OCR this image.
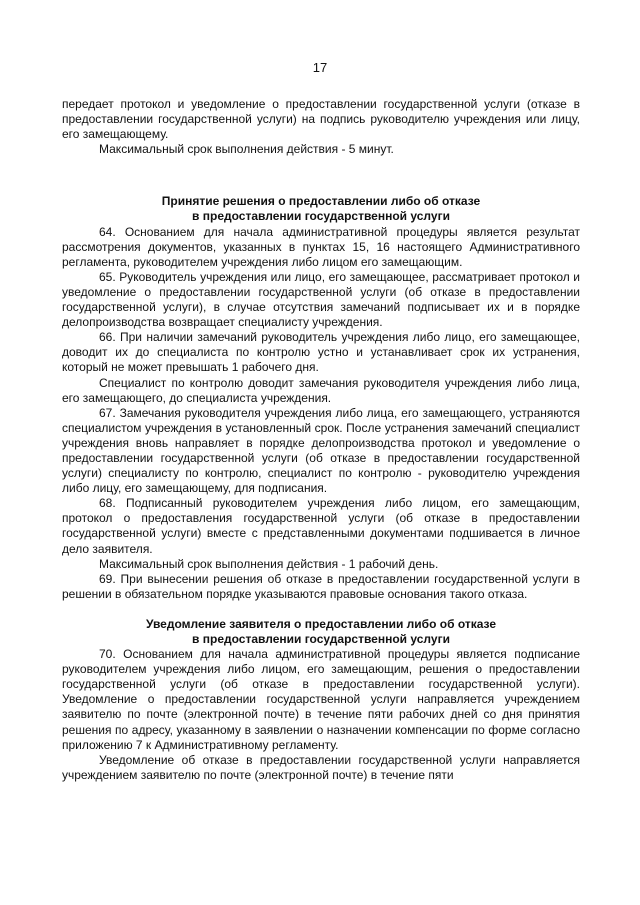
17

передает протокол и уведомление о предоставлении государственной услуги (отказе в предоставлении государственной услуги) на подпись руководителю учреждения или лицу, его замещающему.

Максимальный срок выполнения действия - 5 минут.

Принятие решения о предоставлении либо об отказе
в предоставлении государственной услуги

64. Основанием для начала административной процедуры является результат рассмотрения документов, указанных в пунктах 15, 16 настоящего Административного регламента, руководителем учреждения либо лицом его замещающим.

65. Руководитель учреждения или лицо, его замещающее, рассматривает протокол и уведомление о предоставлении государственной услуги (об отказе в предоставлении государственной услуги), в случае отсутствия замечаний подписывает их и в порядке делопроизводства возвращает специалисту учреждения.

66. При наличии замечаний руководитель учреждения либо лицо, его замещающее, доводит их до специалиста по контролю устно и устанавливает срок их устранения, который не может превышать 1 рабочего дня.

Специалист по контролю доводит замечания руководителя учреждения либо лица, его замещающего, до специалиста учреждения.

67. Замечания руководителя учреждения либо лица, его замещающего, устраняются специалистом учреждения в установленный срок. После устранения замечаний специалист учреждения вновь направляет в порядке делопроизводства протокол и уведомление о предоставлении государственной услуги (об отказе в предоставлении государственной услуги) специалисту по контролю, специалист по контролю - руководителю учреждения либо лицу, его замещающему, для подписания.

68. Подписанный руководителем учреждения либо лицом, его замещающим, протокол о предоставления государственной услуги (об отказе в предоставлении государственной услуги) вместе с представленными документами подшивается в личное дело заявителя.

Максимальный срок выполнения действия - 1 рабочий день.

69. При вынесении решения об отказе в предоставлении государственной услуги в решении в обязательном порядке указываются правовые основания такого отказа.

Уведомление заявителя о предоставлении либо об отказе
в предоставлении государственной услуги

70. Основанием для начала административной процедуры является подписание руководителем учреждения либо лицом, его замещающим, решения о предоставлении государственной услуги (об отказе в предоставлении государственной услуги). Уведомление о предоставлении государственной услуги направляется учреждением заявителю по почте (электронной почте) в течение пяти рабочих дней со дня принятия решения по адресу, указанному в заявлении о назначении компенсации по форме согласно приложению 7 к Административному регламенту.

Уведомление об отказе в предоставлении государственной услуги направляется учреждением заявителю по почте (электронной почте) в течение пяти
